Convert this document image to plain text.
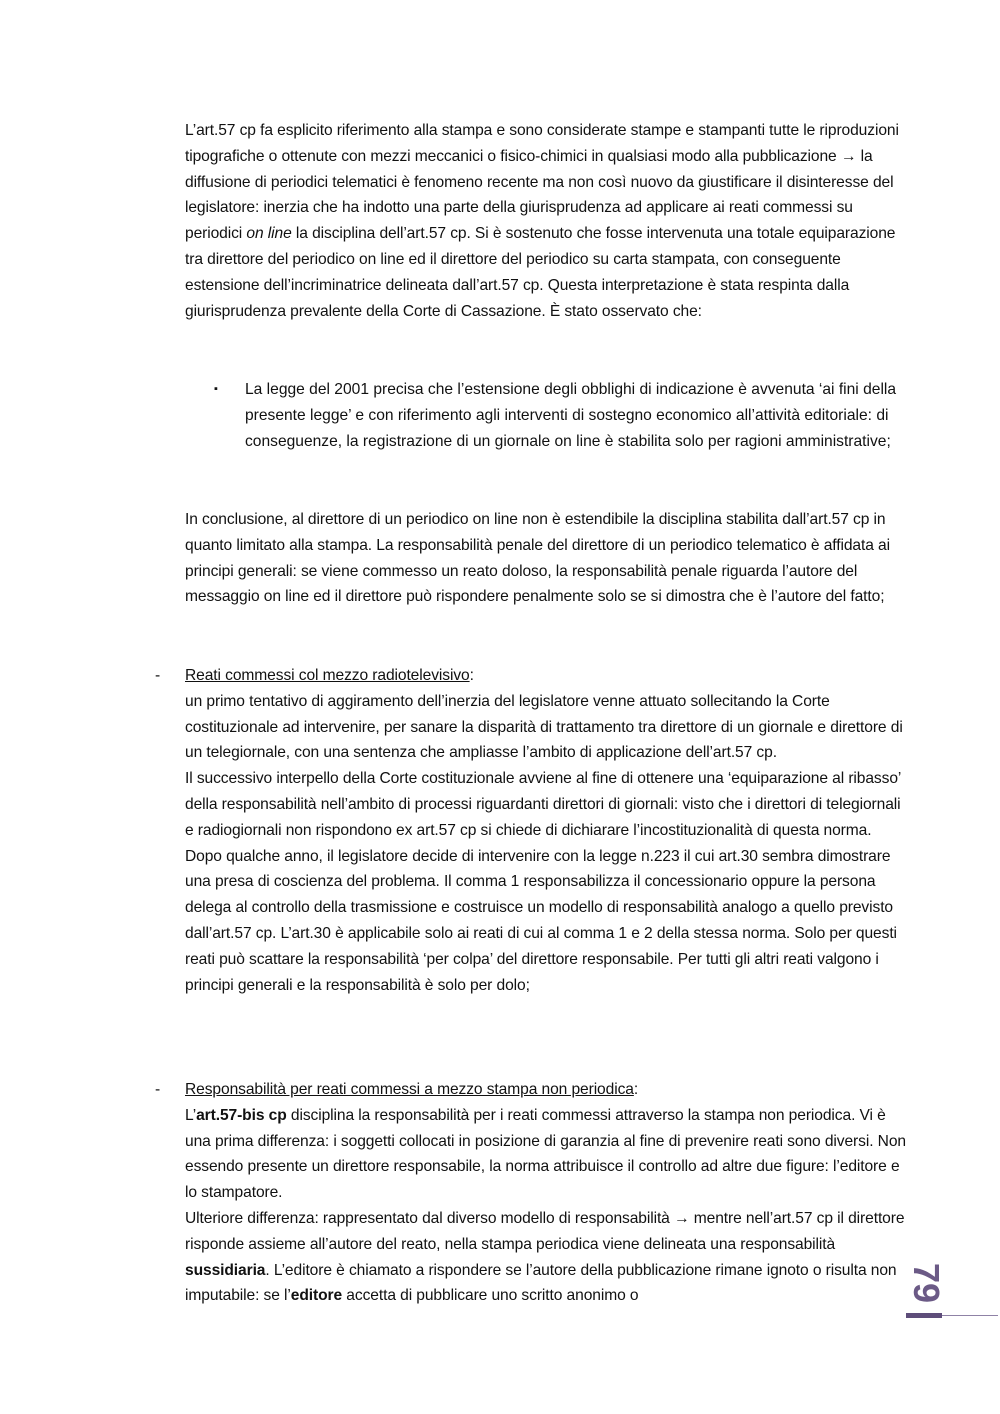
L’art.57 cp fa esplicito riferimento alla stampa e sono considerate stampe e stampanti tutte le riproduzioni tipografiche o ottenute con mezzi meccanici o fisico-chimici in qualsiasi modo alla pubblicazione → la diffusione di periodici telematici è fenomeno recente ma non così nuovo da giustificare il disinteresse del legislatore: inerzia che ha indotto una parte della giurisprudenza ad applicare ai reati commessi su periodici on line la disciplina dell’art.57 cp. Si è sostenuto che fosse intervenuta una totale equiparazione tra direttore del periodico on line ed il direttore del periodico su carta stampata, con conseguente estensione dell’incriminatrice delineata dall’art.57 cp. Questa interpretazione è stata respinta dalla giurisprudenza prevalente della Corte di Cassazione. È stato osservato che:

▪ La legge del 2001 precisa che l’estensione degli obblighi di indicazione è avvenuta ‘ai fini della presente legge’ e con riferimento agli interventi di sostegno economico all’attività editoriale: di conseguenze, la registrazione di un giornale on line è stabilita solo per ragioni amministrative;

In conclusione, al direttore di un periodico on line non è estendibile la disciplina stabilita dall’art.57 cp in quanto limitato alla stampa. La responsabilità penale del direttore di un periodico telematico è affidata ai principi generali: se viene commesso un reato doloso, la responsabilità penale riguarda l’autore del messaggio on line ed il direttore può rispondere penalmente solo se si dimostra che è l’autore del fatto;

- Reati commessi col mezzo radiotelevisivo:

un primo tentativo di aggiramento dell’inerzia del legislatore venne attuato sollecitando la Corte costituzionale ad intervenire, per sanare la disparità di trattamento tra direttore di un giornale e direttore di un telegiornale, con una sentenza che ampliasse l’ambito di applicazione dell’art.57 cp.

Il successivo interpello della Corte costituzionale avviene al fine di ottenere una ‘equiparazione al ribasso’ della responsabilità nell’ambito di processi riguardanti direttori di giornali: visto che i direttori di telegiornali e radiogiornali non rispondono ex art.57 cp si chiede di dichiarare l’incostituzionalità di questa norma. Dopo qualche anno, il legislatore decide di intervenire con la legge n.223 il cui art.30 sembra dimostrare una presa di coscienza del problema. Il comma 1 responsabilizza il concessionario oppure la persona delega al controllo della trasmissione e costruisce un modello di responsabilità analogo a quello previsto dall’art.57 cp. L’art.30 è applicabile solo ai reati di cui al comma 1 e 2 della stessa norma. Solo per questi reati può scattare la responsabilità ‘per colpa’ del direttore responsabile. Per tutti gli altri reati valgono i principi generali e la responsabilità è solo per dolo;

- Responsabilità per reati commessi a mezzo stampa non periodica:

L’art.57-bis cp disciplina la responsabilità per i reati commessi attraverso la stampa non periodica. Vi è una prima differenza: i soggetti collocati in posizione di garanzia al fine di prevenire reati sono diversi. Non essendo presente un direttore responsabile, la norma attribuisce il controllo ad altre due figure: l’editore e lo stampatore.

Ulteriore differenza: rappresentato dal diverso modello di responsabilità → mentre nell’art.57 cp il direttore risponde assieme all’autore del reato, nella stampa periodica viene delineata una responsabilità sussidiaria. L’editore è chiamato a rispondere se l’autore della pubblicazione rimane ignoto o risulta non imputabile: se l’editore accetta di pubblicare uno scritto anonimo o	79
